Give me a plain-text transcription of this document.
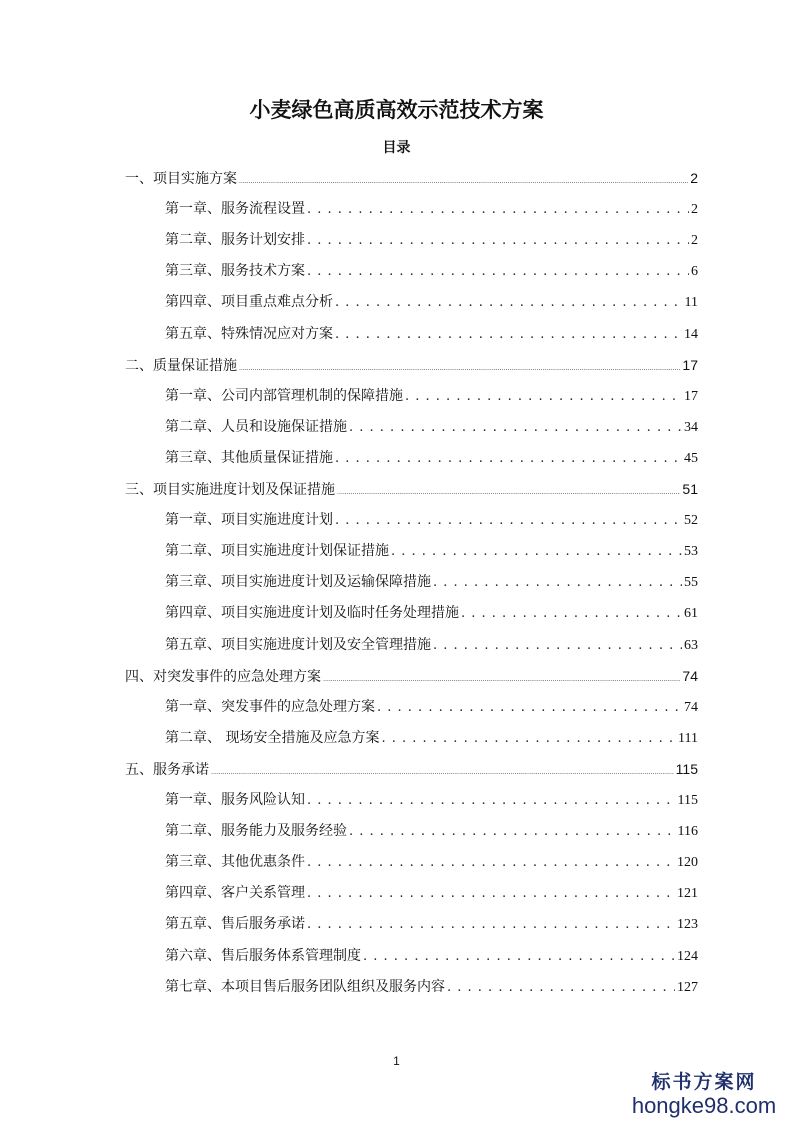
小麦绿色高质高效示范技术方案
目录
一、项目实施方案 .....	2
第一章、服务流程设置 . . .	2
第二章、服务计划安排 . . .	2
第三章、服务技术方案 . . .	6
第四章、项目重点难点分析 . . .	11
第五章、特殊情况应对方案 . . .	14
二、质量保证措施 .....	17
第一章、公司内部管理机制的保障措施 . . .	17
第二章、人员和设施保证措施 . . .	34
第三章、其他质量保证措施 . . .	45
三、项目实施进度计划及保证措施 .....	51
第一章、项目实施进度计划 . . .	52
第二章、项目实施进度计划保证措施 . . .	53
第三章、项目实施进度计划及运输保障措施 . . .	55
第四章、项目实施进度计划及临时任务处理措施 . . .	61
第五章、项目实施进度计划及安全管理措施 . . .	63
四、对突发事件的应急处理方案 .....	74
第一章、突发事件的应急处理方案 . . .	74
第二章、 现场安全措施及应急方案 . . .	111
五、服务承诺 .....	115
第一章、服务风险认知 . . .	115
第二章、服务能力及服务经验 . . .	116
第三章、其他优惠条件 . . .	120
第四章、客户关系管理 . . .	121
第五章、售后服务承诺 . . .	123
第六章、售后服务体系管理制度 . . .	124
第七章、本项目售后服务团队组织及服务内容 . . .	127
1
标书方案网
hongke98.com
